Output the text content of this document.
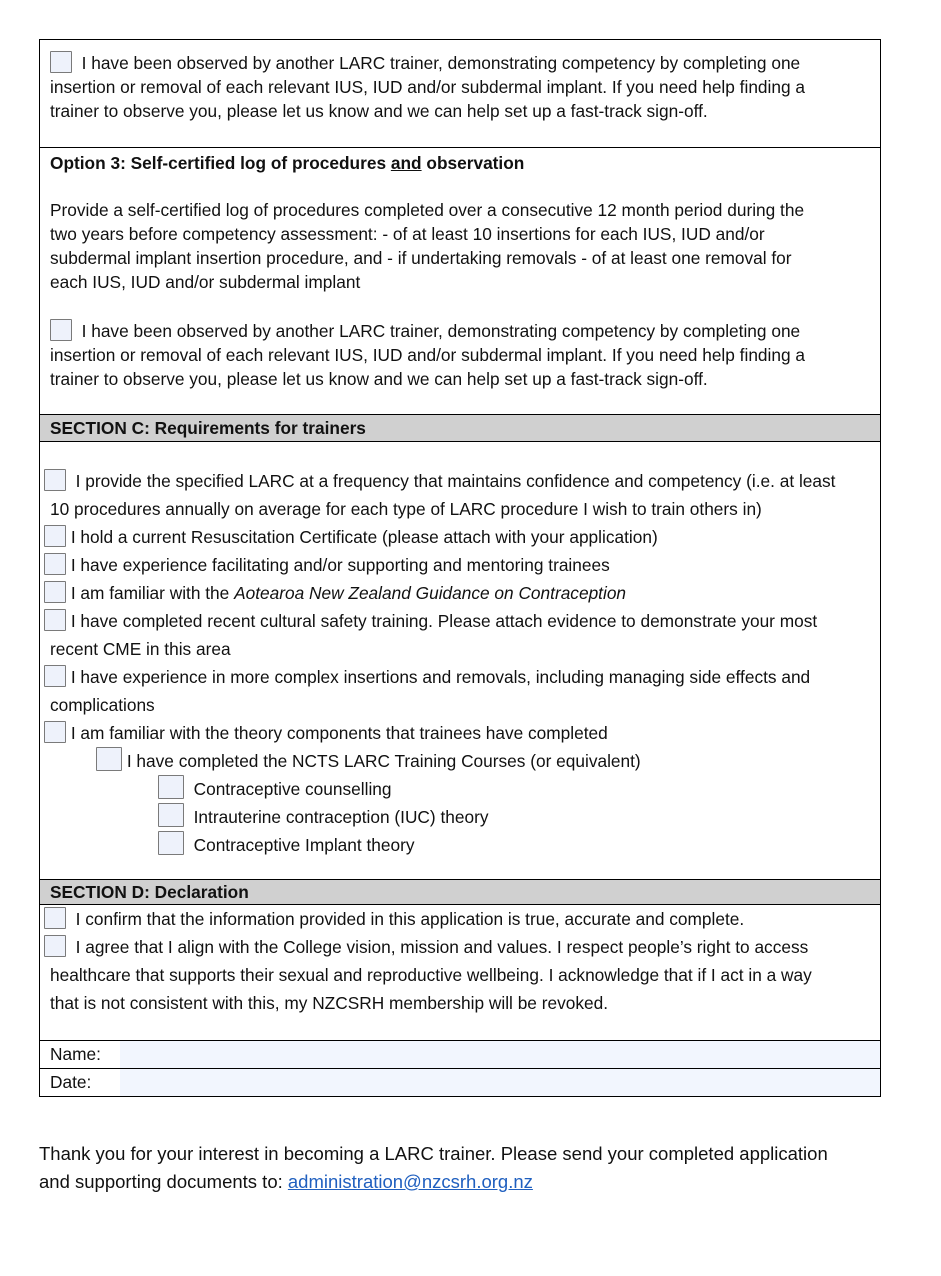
I have been observed by another LARC trainer, demonstrating competency by completing one
insertion or removal of each relevant IUS, IUD and/or subdermal implant. If you need help finding a
trainer to observe you, please let us know and we can help set up a fast-track sign-off.
Option 3: Self-certified log of procedures and observation
Provide a self-certified log of procedures completed over a consecutive 12 month period during the
two years before competency assessment: - of at least 10 insertions for each IUS, IUD and/or
subdermal implant insertion procedure, and - if undertaking removals - of at least one removal for
each IUS, IUD and/or subdermal implant
I have been observed by another LARC trainer, demonstrating competency by completing one
insertion or removal of each relevant IUS, IUD and/or subdermal implant. If you need help finding a
trainer to observe you, please let us know and we can help set up a fast-track sign-off.
SECTION C: Requirements for trainers
I provide the specified LARC at a frequency that maintains confidence and competency (i.e. at least
10 procedures annually on average for each type of LARC procedure I wish to train others in)
I hold a current Resuscitation Certificate (please attach with your application)
I have experience facilitating and/or supporting and mentoring trainees
I am familiar with the Aotearoa New Zealand Guidance on Contraception
I have completed recent cultural safety training. Please attach evidence to demonstrate your most
recent CME in this area
I have experience in more complex insertions and removals, including managing side effects and
complications
I am familiar with the theory components that trainees have completed
I have completed the NCTS LARC Training Courses (or equivalent)
Contraceptive counselling
Intrauterine contraception (IUC) theory
Contraceptive Implant theory
SECTION D: Declaration
I confirm that the information provided in this application is true, accurate and complete.
I agree that I align with the College vision, mission and values. I respect people’s right to access
healthcare that supports their sexual and reproductive wellbeing. I acknowledge that if I act in a way
that is not consistent with this, my NZCSRH membership will be revoked.
Name:
Date:
Thank you for your interest in becoming a LARC trainer. Please send your completed application
and supporting documents to: administration@nzcsrh.org.nz
